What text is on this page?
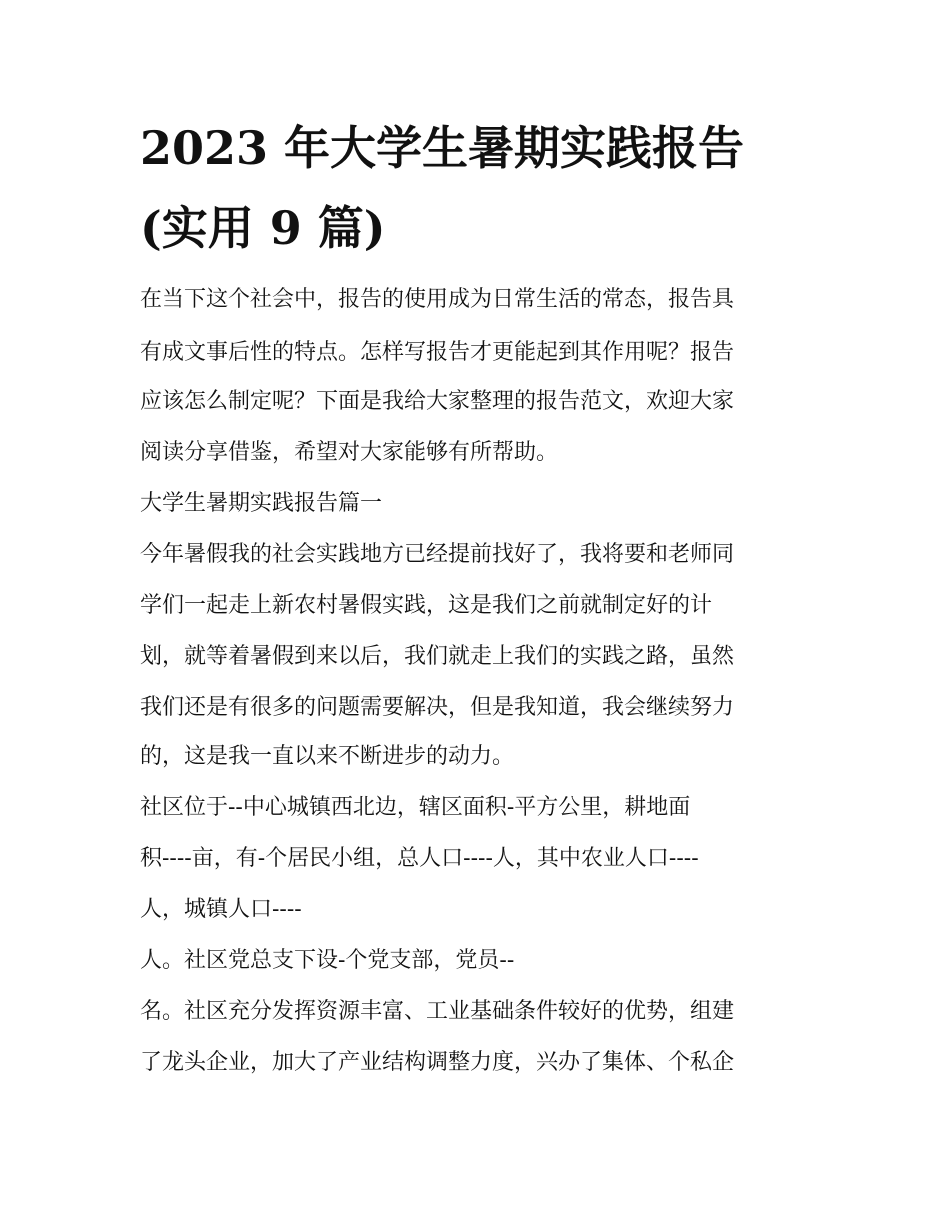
2023 年大学生暑期实践报告
(实用 9 篇)

在当下这个社会中，报告的使用成为日常生活的常态，报告具

有成文事后性的特点。怎样写报告才更能起到其作用呢？报告

应该怎么制定呢？下面是我给大家整理的报告范文，欢迎大家

阅读分享借鉴，希望对大家能够有所帮助。

大学生暑期实践报告篇一

今年暑假我的社会实践地方已经提前找好了，我将要和老师同

学们一起走上新农村暑假实践，这是我们之前就制定好的计

划，就等着暑假到来以后，我们就走上我们的实践之路，虽然

我们还是有很多的问题需要解决，但是我知道，我会继续努力

的，这是我一直以来不断进步的动力。

社区位于--中心城镇西北边，辖区面积-平方公里，耕地面

积----亩，有-个居民小组，总人口----人，其中农业人口----

人，城镇人口----

人。社区党总支下设-个党支部，党员--

名。社区充分发挥资源丰富、工业基础条件较好的优势，组建

了龙头企业，加大了产业结构调整力度，兴办了集体、个私企
